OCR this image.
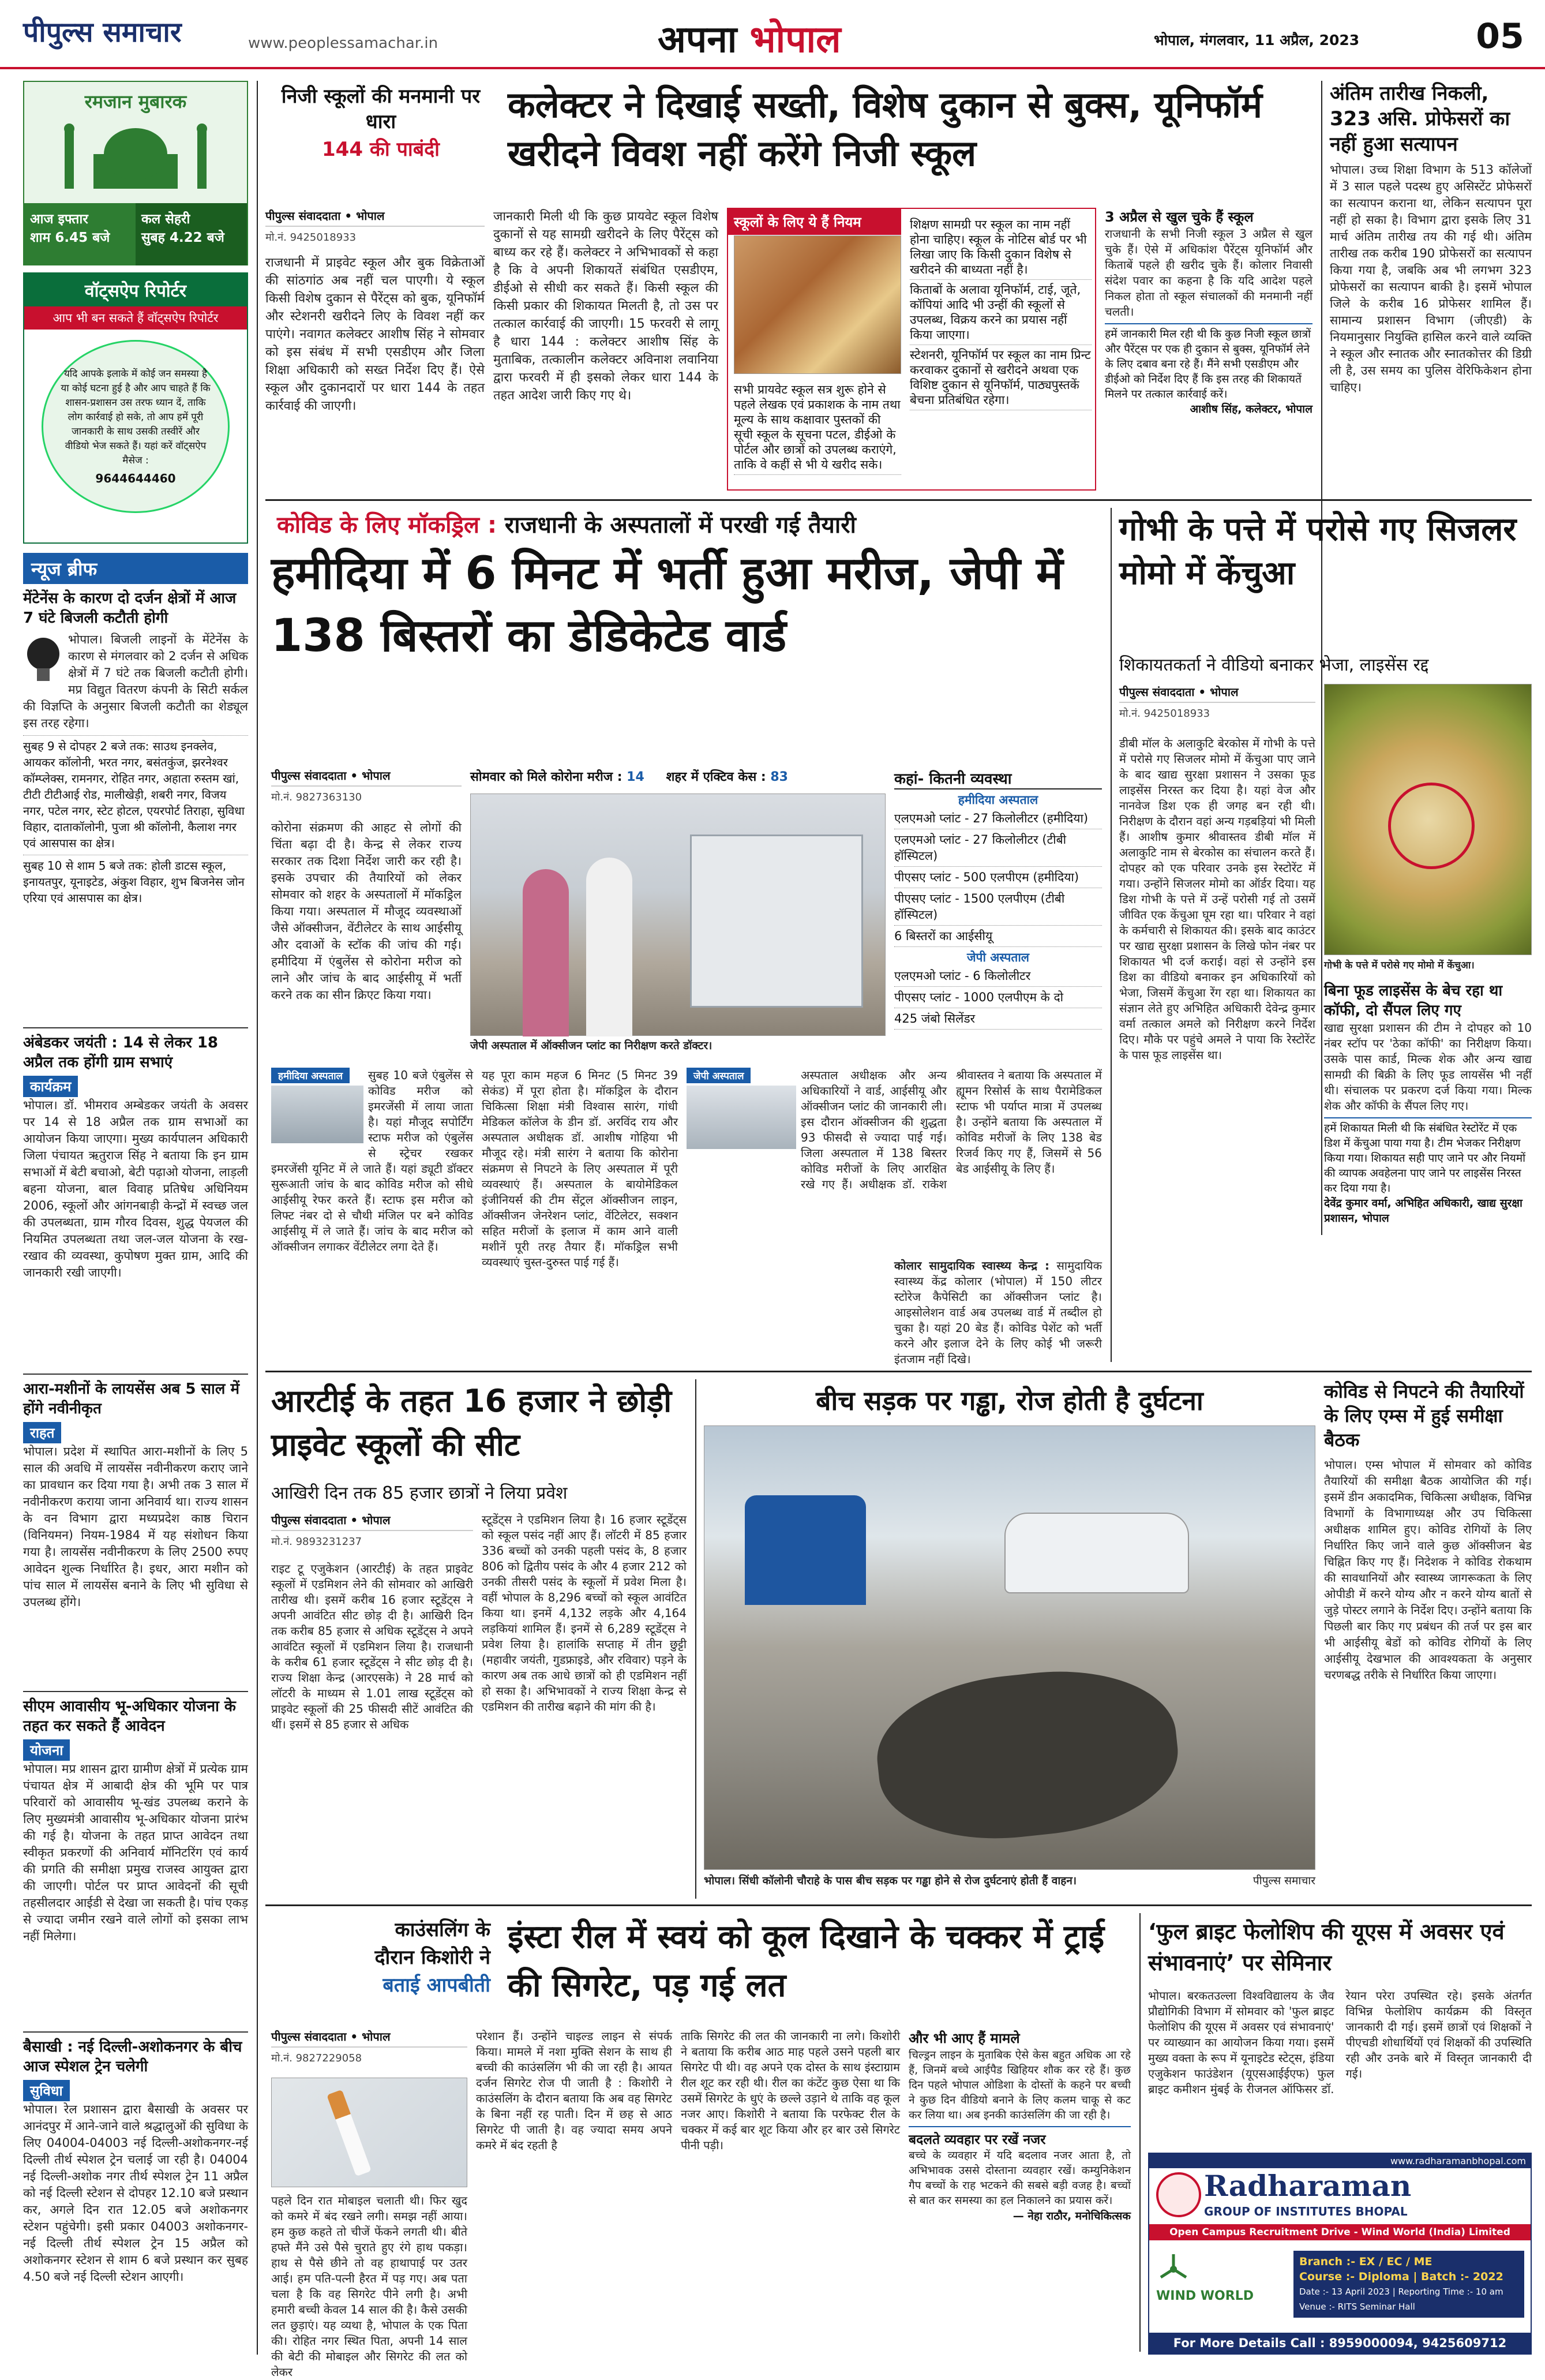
पीपुल्स समाचार	www.peoplessamachar.in	अपना भोपाल	भोपाल, मंगलवार, 11 अप्रैल, 2023	05
रमजान मुबारक
आज इफ्तार
शाम 6.45 बजे
कल सेहरी
सुबह 4.22 बजे
वॉट्सऐप रिपोर्टर
आप भी बन सकते हैं वॉट्सऐप रिपोर्टर
यदि आपके इलाके में कोई जन समस्या है या कोई घटना हुई है और आप चाहते हैं कि शासन-प्रशासन उस तरफ ध्यान दें, ताकि लोग कार्रवाई हो सके, तो आप हमें पूरी जानकारी के साथ उसकी तस्वीरें और वीडियो भेज सकते हैं। यहां करें वॉट्सऐप मैसेज :
9644644460
न्यूज ब्रीफ
मेंटेनेंस के कारण दो दर्जन क्षेत्रों में आज 7 घंटे बिजली कटौती होगी
भोपाल। बिजली लाइनों के मेंटेनेंस के कारण से मंगलवार को 2 दर्जन से अधिक क्षेत्रों में 7 घंटे तक बिजली कटौती होगी। मप्र विद्युत वितरण कंपनी के सिटी सर्कल की विज्ञप्ति के अनुसार बिजली कटौती का शेड्यूल इस तरह रहेगा।
सुबह 9 से दोपहर 2 बजे तक: साउथ इनक्लेव, आयकर कॉलोनी, भरत नगर, बसंतकुंज, झरनेश्वर कॉम्प्लेक्स, रामनगर, रोहित नगर, अहाता रुस्तम खां, टीटी टीटीआई रोड, मालीखेड़ी, शबरी नगर, विजय नगर, पटेल नगर, स्टेट होटल, एयरपोर्ट तिराहा, सुविधा विहार, दाताकॉलोनी, पुजा श्री कॉलोनी, कैलाश नगर एवं आसपास का क्षेत्र।
सुबह 10 से शाम 5 बजे तक: होली डाटस स्कूल, इनायतपुर, यूनाइटेड, अंकुश विहार, शुभ बिजनेस जोन एरिया एवं आसपास का क्षेत्र।
अंबेडकर जयंती : 14 से लेकर 18 अप्रैल तक होंगी ग्राम सभाएं
कार्यक्रम
भोपाल। डॉ. भीमराव अम्बेडकर जयंती के अवसर पर 14 से 18 अप्रैल तक ग्राम सभाओं का आयोजन किया जाएगा। मुख्य कार्यपालन अधिकारी जिला पंचायत ऋतुराज सिंह ने बताया कि इन ग्राम सभाओं में बेटी बचाओ, बेटी पढ़ाओ योजना, लाड़ली बहना योजना, बाल विवाह प्रतिषेध अधिनियम 2006, स्कूलों और आंगनबाड़ी केन्द्रों में स्वच्छ जल की उपलब्धता, ग्राम गौरव दिवस, शुद्ध पेयजल की नियमित उपलब्धता तथा जल-जल योजना के रख-रखाव की व्यवस्था, कुपोषण मुक्त ग्राम, आदि की जानकारी रखी जाएगी।
आरा-मशीनों के लायसेंस अब 5 साल में होंगे नवीनीकृत
राहत
भोपाल। प्रदेश में स्थापित आरा-मशीनों के लिए 5 साल की अवधि में लायसेंस नवीनीकरण कराए जाने का प्रावधान कर दिया गया है। अभी तक 3 साल में नवीनीकरण कराया जाना अनिवार्य था। राज्य शासन के वन विभाग द्वारा मध्यप्रदेश काष्ठ चिरान (विनियमन) नियम-1984 में यह संशोधन किया गया है। लायसेंस नवीनीकरण के लिए 2500 रुपए आवेदन शुल्क निर्धारित है। इधर, आरा मशीन को पांच साल में लायसेंस बनाने के लिए भी सुविधा से उपलब्ध होंगे।
सीएम आवासीय भू-अधिकार योजना के तहत कर सकते हैं आवेदन
योजना
भोपाल। मप्र शासन द्वारा ग्रामीण क्षेत्रों में प्रत्येक ग्राम पंचायत क्षेत्र में आबादी क्षेत्र की भूमि पर पात्र परिवारों को आवासीय भू-खंड उपलब्ध कराने के लिए मुख्यमंत्री आवासीय भू-अधिकार योजना प्रारंभ की गई है। योजना के तहत प्राप्त आवेदन तथा स्वीकृत प्रकरणों की अनिवार्य मॉनिटरिंग एवं कार्य की प्रगति की समीक्षा प्रमुख राजस्व आयुक्त द्वारा की जाएगी। पोर्टल पर प्राप्त आवेदनों की सूची तहसीलदार आईडी से देखा जा सकती है। पांच एकड़ से ज्यादा जमीन रखने वाले लोगों को इसका लाभ नहीं मिलेगा।
बैसाखी : नई दिल्ली-अशोकनगर के बीच आज स्पेशल ट्रेन चलेगी
सुविधा
भोपाल। रेल प्रशासन द्वारा बैसाखी के अवसर पर आनंदपुर में आने-जाने वाले श्रद्धालुओं की सुविधा के लिए 04004-04003 नई दिल्ली-अशोकनगर-नई दिल्ली तीर्थ स्पेशल ट्रेन चलाई जा रही है। 04004 नई दिल्ली-अशोक नगर तीर्थ स्पेशल ट्रेन 11 अप्रैल को नई दिल्ली स्टेशन से दोपहर 12.10 बजे प्रस्थान कर, अगले दिन रात 12.05 बजे अशोकनगर स्टेशन पहुंचेगी। इसी प्रकार 04003 अशोकनगर-नई दिल्ली तीर्थ स्पेशल ट्रेन 15 अप्रैल को अशोकनगर स्टेशन से शाम 6 बजे प्रस्थान कर सुबह 4.50 बजे नई दिल्ली स्टेशन आएगी।
निजी स्कूलों की मनमानी पर धारा
144 की पाबंदी
कलेक्टर ने दिखाई सख्ती, विशेष दुकान से बुक्स, यूनिफॉर्म खरीदने विवश नहीं करेंगे निजी स्कूल
पीपुल्स संवाददाता • भोपाल
मो.नं. 9425018933
राजधानी में प्राइवेट स्कूल और बुक विक्रेताओं की सांठगांठ अब नहीं चल पाएगी। ये स्कूल किसी विशेष दुकान से पैरेंट्स को बुक, यूनिफॉर्म और स्टेशनरी खरीदने लिए के विवश नहीं कर पाएंगे। नवागत कलेक्टर आशीष सिंह ने सोमवार को इस संबंध में सभी एसडीएम और जिला शिक्षा अधिकारी को सख्त निर्देश दिए हैं। ऐसे स्कूल और दुकानदारों पर धारा 144 के तहत कार्रवाई की जाएगी।
जानकारी मिली थी कि कुछ प्रायवेट स्कूल विशेष दुकानों से यह सामग्री खरीदने के लिए पैरेंट्स को बाध्य कर रहे हैं। कलेक्टर ने अभिभावकों से कहा है कि वे अपनी शिकायतें संबंधित एसडीएम, डीईओ से सीधी कर सकते हैं। किसी स्कूल की किसी प्रकार की शिकायत मिलती है, तो उस पर तत्काल कार्रवाई की जाएगी। 15 फरवरी से लागू है धारा 144 : कलेक्टर आशीष सिंह के मुताबिक, तत्कालीन कलेक्टर अविनाश लवानिया द्वारा फरवरी में ही इसको लेकर धारा 144 के तहत आदेश जारी किए गए थे।
स्कूलों के लिए ये हैं नियम
सभी प्रायवेट स्कूल सत्र शुरू होने से पहले लेखक एवं प्रकाशक के नाम तथा मूल्य के साथ कक्षावार पुस्तकों की सूची स्कूल के सूचना पटल, डीईओ के पोर्टल और छात्रों को उपलब्ध कराएंगे, ताकि वे कहीं से भी ये खरीद सके।
शिक्षण सामग्री पर स्कूल का नाम नहीं होना चाहिए। स्कूल के नोटिस बोर्ड पर भी लिखा जाए कि किसी दुकान विशेष से खरीदने की बाध्यता नहीं है।
किताबों के अलावा यूनिफॉर्म, टाई, जूते, कॉपियां आदि भी उन्हीं की स्कूलों से उपलब्ध, विक्रय करने का प्रयास नहीं किया जाएगा।
स्टेशनरी, यूनिफॉर्म पर स्कूल का नाम प्रिन्ट करवाकर दुकानों से खरीदने अथवा एक विशिष्ट दुकान से यूनिफॉर्म, पाठ्यपुस्तकें बेचना प्रतिबंधित रहेगा।
3 अप्रैल से खुल चुके हैं स्कूल
राजधानी के सभी निजी स्कूल 3 अप्रैल से खुल चुके हैं। ऐसे में अधिकांश पैरेंट्स यूनिफॉर्म और किताबें पहले ही खरीद चुके हैं। कोलार निवासी संदेश पवार का कहना है कि यदि आदेश पहले निकल होता तो स्कूल संचालकों की मनमानी नहीं चलती।
हमें जानकारी मिल रही थी कि कुछ निजी स्कूल छात्रों और पैरेंट्स पर एक ही दुकान से बुक्स, यूनिफॉर्म लेने के लिए दबाव बना रहे हैं। मैंने सभी एसडीएम और डीईओ को निर्देश दिए हैं कि इस तरह की शिकायतें मिलने पर तत्काल कार्रवाई करें।
आशीष सिंह, कलेक्टर, भोपाल
अंतिम तारीख निकली, 323 असि. प्रोफेसरों का नहीं हुआ सत्यापन
भोपाल। उच्च शिक्षा विभाग के 513 कॉलेजों में 3 साल पहले पदस्थ हुए असिस्टेंट प्रोफेसरों का सत्यापन कराना था, लेकिन सत्यापन पूरा नहीं हो सका है। विभाग द्वारा इसके लिए 31 मार्च अंतिम तारीख तय की गई थी। अंतिम तारीख तक करीब 190 प्रोफेसरों का सत्यापन किया गया है, जबकि अब भी लगभग 323 प्रोफेसरों का सत्यापन बाकी है। इसमें भोपाल जिले के करीब 16 प्रोफेसर शामिल हैं। सामान्य प्रशासन विभाग (जीएडी) के नियमानुसार नियुक्ति हासिल करने वाले व्यक्ति ने स्कूल और स्नातक और स्नातकोत्तर की डिग्री ली है, उस समय का पुलिस वेरिफिकेशन होना चाहिए।
कोविड के लिए मॉकड्रिल : राजधानी के अस्पतालों में परखी गई तैयारी
हमीदिया में 6 मिनट में भर्ती हुआ मरीज, जेपी में 138 बिस्तरों का डेडिकेटेड वार्ड
पीपुल्स संवाददाता • भोपाल
मो.नं. 9827363130
कोरोना संक्रमण की आहट से लोगों की चिंता बढ़ा दी है। केन्द्र से लेकर राज्य सरकार तक दिशा निर्देश जारी कर रही है। इसके उपचार की तैयारियों को लेकर सोमवार को शहर के अस्पतालों में मॉकड्रिल किया गया। अस्पताल में मौजूद व्यवस्थाओं जैसे ऑक्सीजन, वेंटीलेटर के साथ आईसीयू और दवाओं के स्टॉक की जांच की गई। हमीदिया में एंबुलेंस से कोरोना मरीज को लाने और जांच के बाद आईसीयू में भर्ती करने तक का सीन क्रिएट किया गया।
सोमवार को मिले कोरोना मरीज : 14 शहर में एक्टिव केस : 83
जेपी अस्पताल में ऑक्सीजन प्लांट का निरीक्षण करते डॉक्टर।
कहां- कितनी व्यवस्था
हमीदिया अस्पताल
एलएमओ प्लांट - 27 किलोलीटर (हमीदिया)
एलएमओ प्लांट - 27 किलोलीटर (टीबी हॉस्पिटल)
पीएसए प्लांट - 500 एलपीएम (हमीदिया)
पीएसए प्लांट - 1500 एलपीएम (टीबी हॉस्पिटल)
6 बिस्तरों का आईसीयू
जेपी अस्पताल
एलएमओ प्लांट - 6 किलोलीटर
पीएसए प्लांट - 1000 एलपीएम के दो
425 जंबो सिलेंडर
हमीदिया अस्पताल	सुबह 10 बजे एंबुलेंस से कोविड मरीज को इमरजेंसी में लाया जाता है। यहां मौजूद सपोर्टिंग स्टाफ मरीज को एंबुलेंस से स्ट्रेचर रखकर इमरजेंसी यूनिट में ले जाते हैं। यहां ड्यूटी डॉक्टर सुरूआती जांच के बाद कोविड मरीज को सीधे आईसीयू रेफर करते हैं। स्टाफ इस मरीज को लिफ्ट नंबर दो से चौथी मंजिल पर बने कोविड आईसीयू में ले जाते हैं। जांच के बाद मरीज को ऑक्सीजन लगाकर वेंटीलेटर लगा देते हैं।
यह पूरा काम महज 6 मिनट (5 मिनट 39 सेकंड) में पूरा होता है। मॉकड्रिल के दौरान चिकित्सा शिक्षा मंत्री विश्वास सारंग, गांधी मेडिकल कॉलेज के डीन डॉ. अरविंद राय और अस्पताल अधीक्षक डॉ. आशीष गोहिया भी मौजूद रहे। मंत्री सारंग ने बताया कि कोरोना संक्रमण से निपटने के लिए अस्पताल में पूरी व्यवस्थाएं हैं। अस्पताल के बायोमेडिकल इंजीनियर्स की टीम सेंट्रल ऑक्सीजन लाइन, ऑक्सीजन जेनरेशन प्लांट, वेंटिलेटर, सक्शन सहित मरीजों के इलाज में काम आने वाली मशीनें पूरी तरह तैयार हैं। मॉकड्रिल सभी व्यवस्थाएं चुस्त-दुरुस्त पाई गई हैं।
जेपी अस्पताल	अस्पताल अधीक्षक और अन्य अधिकारियों ने वार्ड, आईसीयू और ऑक्सीजन प्लांट की जानकारी ली। इस दौरान ऑक्सीजन की शुद्धता 93 फीसदी से ज्यादा पाई गई। जिला अस्पताल में 138 बिस्तर कोविड मरीजों के लिए आरक्षित रखे गए हैं। अधीक्षक डॉ. राकेश श्रीवास्तव ने बताया कि अस्पताल में ह्यूमन रिसोर्स के साथ पैरामेडिकल स्टाफ भी पर्याप्त मात्रा में उपलब्ध है। उन्होंने बताया कि अस्पताल में कोविड मरीजों के लिए 138 बेड रिजर्व किए गए हैं, जिसमें से 56 बेड आईसीयू के लिए हैं।
कोलार सामुदायिक स्वास्थ्य केन्द्र : सामुदायिक स्वास्थ्य केंद्र कोलार (भोपाल) में 150 लीटर स्टोरेज कैपेसिटी का ऑक्सीजन प्लांट है। आइसोलेशन वार्ड अब उपलब्ध वार्ड में तब्दील हो चुका है। यहां 20 बेड हैं। कोविड पेशेंट को भर्ती करने और इलाज देने के लिए कोई भी जरूरी इंतजाम नहीं दिखे।
गोभी के पत्ते में परोसे गए सिजलर मोमो में केंचुआ
शिकायतकर्ता ने वीडियो बनाकर भेजा, लाइसेंस रद्द
पीपुल्स संवाददाता • भोपाल
मो.नं. 9425018933
डीबी मॉल के अलाकुटि बेरकोस में गोभी के पत्ते में परोसे गए सिजलर मोमो में केंचुआ पाए जाने के बाद खाद्य सुरक्षा प्रशासन ने उसका फूड लाइसेंस निरस्त कर दिया है। यहां वेज और नानवेज डिश एक ही जगह बन रही थी। निरीक्षण के दौरान वहां अन्य गड़बड़ियां भी मिली हैं। आशीष कुमार श्रीवास्तव डीबी मॉल में अलाकुटि नाम से बेरकोस का संचालन करते हैं। दोपहर को एक परिवार उनके इस रेस्टोरेंट में गया। उन्होंने सिजलर मोमो का ऑर्डर दिया। यह डिश गोभी के पत्ते में उन्हें परोसी गई तो उसमें जीवित एक केंचुआ घूम रहा था। परिवार ने वहां के कर्मचारी से शिकायत की। इसके बाद काउंटर पर खाद्य सुरक्षा प्रशासन के लिखे फोन नंबर पर शिकायत भी दर्ज कराई। वहां से उन्होंने इस डिश का वीडियो बनाकर इन अधिकारियों को भेजा, जिसमें केंचुआ रेंग रहा था। शिकायत का संज्ञान लेते हुए अभिहित अधिकारी देवेन्द्र कुमार वर्मा तत्काल अमले को निरीक्षण करने निर्देश दिए। मौके पर पहुंचे अमले ने पाया कि रेस्टोरेंट के पास फूड लाइसेंस था।
गोभी के पत्ते में परोसे गए मोमो में केंचुआ।
बिना फूड लाइसेंस के बेच रहा था कॉफी, दो सैंपल लिए गए
खाद्य सुरक्षा प्रशासन की टीम ने दोपहर को 10 नंबर स्टॉप पर 'ठेका कॉफी' का निरीक्षण किया। उसके पास कार्ड, मिल्क शेक और अन्य खाद्य सामग्री की बिक्री के लिए फूड लायसेंस भी नहीं थी। संचालक पर प्रकरण दर्ज किया गया। मिल्क शेक और कॉफी के सैंपल लिए गए।
हमें शिकायत मिली थी कि संबंधित रेस्टोरेंट में एक डिश में केंचुआ पाया गया है। टीम भेजकर निरीक्षण किया गया। शिकायत सही पाए जाने पर और नियमों की व्यापक अवहेलना पाए जाने पर लाइसेंस निरस्त कर दिया गया है।
देवेंद्र कुमार वर्मा, अभिहित अधिकारी, खाद्य सुरक्षा प्रशासन, भोपाल
आरटीई के तहत 16 हजार ने छोड़ी प्राइवेट स्कूलों की सीट
आखिरी दिन तक 85 हजार छात्रों ने लिया प्रवेश
पीपुल्स संवाददाता • भोपाल
मो.नं. 9893231237
राइट टू एजुकेशन (आरटीई) के तहत प्राइवेट स्कूलों में एडमिशन लेने की सोमवार को आखिरी तारीख थी। इसमें करीब 16 हजार स्टूडेंट्स ने अपनी आवंटित सीट छोड़ दी है। आखिरी दिन तक करीब 85 हजार से अधिक स्टूडेंट्स ने अपने आवंटित स्कूलों में एडमिशन लिया है। राजधानी के करीब 61 हजार स्टूडेंट्स ने सीट छोड़ दी है। राज्य शिक्षा केन्द्र (आरएसके) ने 28 मार्च को लॉटरी के माध्यम से 1.01 लाख स्टूडेंट्स को प्राइवेट स्कूलों की 25 फीसदी सीटें आवंटित की थीं। इसमें से 85 हजार से अधिक
स्टूडेंट्स ने एडमिशन लिया है। 16 हजार स्टूडेंट्स को स्कूल पसंद नहीं आए हैं। लॉटरी में 85 हजार 336 बच्चों को उनकी पहली पसंद के, 8 हजार 806 को द्वितीय पसंद के और 4 हजार 212 को उनकी तीसरी पसंद के स्कूलों में प्रवेश मिला है। वहीं भोपाल के 8,296 बच्चों को स्कूल आवंटित किया था। इनमें 4,132 लड़के और 4,164 लड़कियां शामिल हैं। इनमें से 6,289 स्टूडेंट्स ने प्रवेश लिया है। हालांकि सप्ताह में तीन छुट्टी (महावीर जयंती, गुडफ्राइडे, और रविवार) पड़ने के कारण अब तक आधे छात्रों को ही एडमिशन नहीं हो सका है। अभिभावकों ने राज्य शिक्षा केन्द्र से एडमिशन की तारीख बढ़ाने की मांग की है।
बीच सड़क पर गड्ढा, रोज होती है दुर्घटना
भोपाल। सिंधी कॉलोनी चौराहे के पास बीच सड़क पर गड्ढा होने से रोज दुर्घटनाएं होती हैं वाहन।	पीपुल्स समाचार
कोविड से निपटने की तैयारियों के लिए एम्स में हुई समीक्षा बैठक
भोपाल। एम्स भोपाल में सोमवार को कोविड तैयारियों की समीक्षा बैठक आयोजित की गई। इसमें डीन अकादमिक, चिकित्सा अधीक्षक, विभिन्न विभागों के विभागाध्यक्ष और उप चिकित्सा अधीक्षक शामिल हुए। कोविड रोगियों के लिए निर्धारित किए जाने वाले कुछ ऑक्सीजन बेड चिह्नित किए गए हैं। निदेशक ने कोविड रोकथाम की सावधानियों और स्वास्थ्य जागरूकता के लिए ओपीडी में करने योग्य और न करने योग्य बातों से जुड़े पोस्टर लगाने के निर्देश दिए। उन्होंने बताया कि पिछली बार किए गए प्रबंधन की तर्ज पर इस बार भी आईसीयू बेडों को कोविड रोगियों के लिए आईसीयू देखभाल की आवश्यकता के अनुसार चरणबद्ध तरीके से निर्धारित किया जाएगा।
काउंसलिंग के
दौरान किशोरी ने
बताई आपबीती
इंस्टा रील में स्वयं को कूल दिखाने के चक्कर में ट्राई की सिगरेट, पड़ गई लत
पीपुल्स संवाददाता • भोपाल
मो.नं. 9827229058
पहले दिन रात मोबाइल चलाती थी। फिर खुद को कमरे में बंद रखने लगी। समझ नहीं आया। हम कुछ कहते तो चीजें फेंकने लगती थी। बीते हफ्ते मैंने उसे पैसे चुराते हुए रंगे हाथ पकड़ा। हाथ से पैसे छीने तो वह हाथापाई पर उतर आई। हम पति-पत्नी हैरत में पड़ गए। अब पता चला है कि वह सिगरेट पीने लगी है। अभी हमारी बच्ची केवल 14 साल की है। कैसे उसकी लत छुड़ाएं। यह व्यथा है, भोपाल के एक पिता की। रोहित नगर स्थित पिता, अपनी 14 साल की बेटी की मोबाइल और सिगरेट की लत को लेकर
परेशान हैं। उन्होंने चाइल्ड लाइन से संपर्क किया। मामले में नशा मुक्ति सेशन के साथ ही बच्ची की काउंसलिंग भी की जा रही है। आयत दर्जन सिगरेट रोज पी जाती है : किशोरी ने काउंसलिंग के दौरान बताया कि अब वह सिगरेट के बिना नहीं रह पाती। दिन में छह से आठ सिगरेट पी जाती है। वह ज्यादा समय अपने कमरे में बंद रहती है
ताकि सिगरेट की लत की जानकारी ना लगे। किशोरी ने बताया कि करीब आठ माह पहले उसने पहली बार सिगरेट पी थी। वह अपने एक दोस्त के साथ इंस्टाग्राम रील शूट कर रही थी। रील का कंटेंट कुछ ऐसा था कि उसमें सिगरेट के धुएं के छल्ले उड़ाने थे ताकि वह कूल नजर आए। किशोरी ने बताया कि परफेक्ट रील के चक्कर में कई बार शूट किया और हर बार उसे सिगरेट पीनी पड़ी।
और भी आए हैं मामले
चिल्ड्रन लाइन के मुताबिक ऐसे केस बहुत अधिक आ रहे हैं, जिनमें बच्चे आईपैड खिहियर शौक कर रहे हैं। कुछ दिन पहले भोपाल ओडिशा के दोस्तों के कहने पर बच्ची ने कुछ दिन वीडियो बनाने के लिए कलम चाकू से कट कर लिया था। अब इनकी काउंसलिंग की जा रही है।
बदलते व्यवहार पर रखें नजर
बच्चे के व्यवहार में यदि बदलाव नजर आता है, तो अभिभावक उससे दोस्ताना व्यवहार रखें। कम्युनिकेशन गैप बच्चों के राह भटकने की सबसे बड़ी वजह है। बच्चों से बात कर समस्या का हल निकालने का प्रयास करें।
— नेहा राठौर, मनोचिकित्सक
‘फुल ब्राइट फेलोशिप की यूएस में अवसर एवं संभावनाएं’ पर सेमिनार
भोपाल। बरकतउल्ला विश्वविद्यालय के जैव प्रौद्योगिकी विभाग में सोमवार को 'फुल ब्राइट फेलोशिप की यूएस में अवसर एवं संभावनाएं' पर व्याख्यान का आयोजन किया गया। इसमें मुख्य वक्ता के रूप में यूनाइटेड स्टेट्स, इंडिया एजुकेशन फाउंडेशन (यूएसआईईएफ) फुल ब्राइट कमीशन मुंबई के रीजनल ऑफिसर डॉ. रेयान परेरा उपस्थित रहे। इसके अंतर्गत विभिन्न फेलोशिप कार्यक्रम की विस्तृत जानकारी दी गई। इसमें छात्रों एवं शिक्षकों ने पीएचडी शोधार्थियों एवं शिक्षकों की उपस्थिति रही और उनके बारे में विस्तृत जानकारी दी गई।
www.radharamanbhopal.com
Radharaman
GROUP OF INSTITUTES BHOPAL
Open Campus Recruitment Drive - Wind World (India) Limited
WIND WORLD
Branch :- EX / EC / ME
Course :- Diploma | Batch :- 2022
Date :- 13 April 2023 | Reporting Time :- 10 am
Venue :- RITS Seminar Hall
For More Details Call : 8959000094, 9425609712
